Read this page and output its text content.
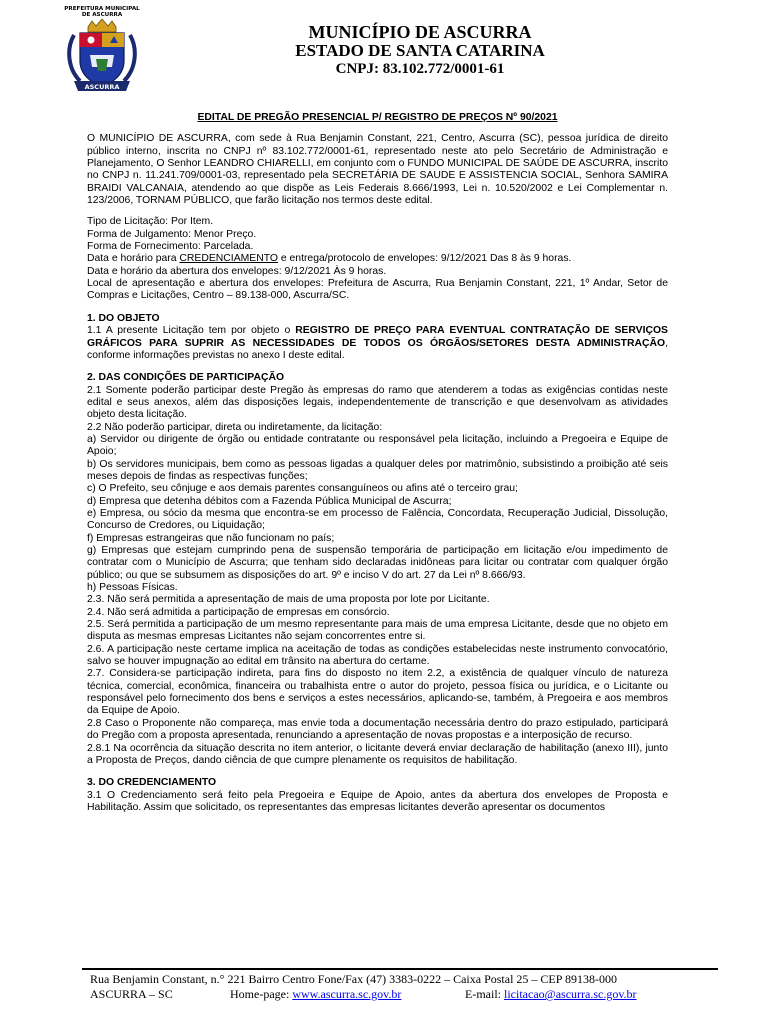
PREFEITURA MUNICIPAL
DE ASCURRA
ASCURRA
MUNICÍPIO DE ASCURRA
ESTADO DE SANTA CATARINA
CNPJ: 83.102.772/0001-61

EDITAL DE PREGÃO PRESENCIAL P/ REGISTRO DE PREÇOS Nº 90/2021

O MUNICÍPIO DE ASCURRA, com sede à Rua Benjamin Constant, 221, Centro, Ascurra (SC), pessoa jurídica de direito público interno, inscrita no CNPJ nº 83.102.772/0001-61, representado neste ato pelo Secretário de Administração e Planejamento, O Senhor LEANDRO CHIARELLI, em conjunto com o FUNDO MUNICIPAL DE SAÚDE DE ASCURRA, inscrito no CNPJ n. 11.241.709/0001-03, representado pela SECRETÁRIA DE SAUDE E ASSISTENCIA SOCIAL, Senhora SAMIRA BRAIDI VALCANAIA, atendendo ao que dispõe as Leis Federais 8.666/1993, Lei n. 10.520/2002 e Lei Complementar n. 123/2006, TORNAM PÚBLICO, que farão licitação nos termos deste edital.

Tipo de Licitação: Por Item.

Forma de Julgamento: Menor Preço.

Forma de Fornecimento: Parcelada.

Data e horário para CREDENCIAMENTO e entrega/protocolo de envelopes: 9/12/2021 Das 8 às 9 horas.

Data e horário da abertura dos envelopes: 9/12/2021 Às 9 horas.

Local de apresentação e abertura dos envelopes: Prefeitura de Ascurra, Rua Benjamin Constant, 221, 1º Andar, Setor de Compras e Licitações, Centro – 89.138-000, Ascurra/SC.

1. DO OBJETO

1.1 A presente Licitação tem por objeto o REGISTRO DE PREÇO PARA EVENTUAL CONTRATAÇÃO DE SERVIÇOS GRÁFICOS PARA SUPRIR AS NECESSIDADES DE TODOS OS ÓRGÃOS/SETORES DESTA ADMINISTRAÇÃO, conforme informações previstas no anexo I deste edital.

2. DAS CONDIÇÕES DE PARTICIPAÇÃO

2.1 Somente poderão participar deste Pregão às empresas do ramo que atenderem a todas as exigências contidas neste edital e seus anexos, além das disposições legais, independentemente de transcrição e que desenvolvam as atividades objeto desta licitação.

2.2 Não poderão participar, direta ou indiretamente, da licitação:

a) Servidor ou dirigente de órgão ou entidade contratante ou responsável pela licitação, incluindo a Pregoeira e Equipe de Apoio;

b) Os servidores municipais, bem como as pessoas ligadas a qualquer deles por matrimônio, subsistindo a proibição até seis meses depois de findas as respectivas funções;

c) O Prefeito, seu cônjuge e aos demais parentes consanguíneos ou afins até o terceiro grau;

d) Empresa que detenha débitos com a Fazenda Pública Municipal de Ascurra;

e) Empresa, ou sócio da mesma que encontra-se em processo de Falência, Concordata, Recuperação Judicial, Dissolução, Concurso de Credores, ou Liquidação;

f) Empresas estrangeiras que não funcionam no país;

g) Empresas que estejam cumprindo pena de suspensão temporária de participação em licitação e/ou impedimento de contratar com o Município de Ascurra; que tenham sido declaradas inidôneas para licitar ou contratar com qualquer órgão público; ou que se subsumem as disposições do art. 9º e inciso V do art. 27 da Lei nº 8.666/93.

h) Pessoas Físicas.

2.3. Não será permitida a apresentação de mais de uma proposta por lote por Licitante.

2.4. Não será admitida a participação de empresas em consórcio.

2.5. Será permitida a participação de um mesmo representante para mais de uma empresa Licitante, desde que no objeto em disputa as mesmas empresas Licitantes não sejam concorrentes entre si.

2.6. A participação neste certame implica na aceitação de todas as condições estabelecidas neste instrumento convocatório, salvo se houver impugnação ao edital em trânsito na abertura do certame.

2.7. Considera-se participação indireta, para fins do disposto no item 2.2, a existência de qualquer vínculo de natureza técnica, comercial, econômica, financeira ou trabalhista entre o autor do projeto, pessoa física ou jurídica, e o Licitante ou responsável pelo fornecimento dos bens e serviços a estes necessários, aplicando-se, também, à Pregoeira e aos membros da Equipe de Apoio.

2.8 Caso o Proponente não compareça, mas envie toda a documentação necessária dentro do prazo estipulado, participará do Pregão com a proposta apresentada, renunciando a apresentação de novas propostas e a interposição de recurso.

2.8.1 Na ocorrência da situação descrita no item anterior, o licitante deverá enviar declaração de habilitação (anexo III), junto a Proposta de Preços, dando ciência de que cumpre plenamente os requisitos de habilitação.

3. DO CREDENCIAMENTO

3.1 O Credenciamento será feito pela Pregoeira e Equipe de Apoio, antes da abertura dos envelopes de Proposta e Habilitação. Assim que solicitado, os representantes das empresas licitantes deverão apresentar os documentos

Rua Benjamin Constant, n.° 221 Bairro Centro Fone/Fax (47) 3383-0222 – Caixa Postal 25 – CEP 89138-000
ASCURRA – SC	Home-page: www.ascurra.sc.gov.br	E-mail: licitacao@ascurra.sc.gov.br
